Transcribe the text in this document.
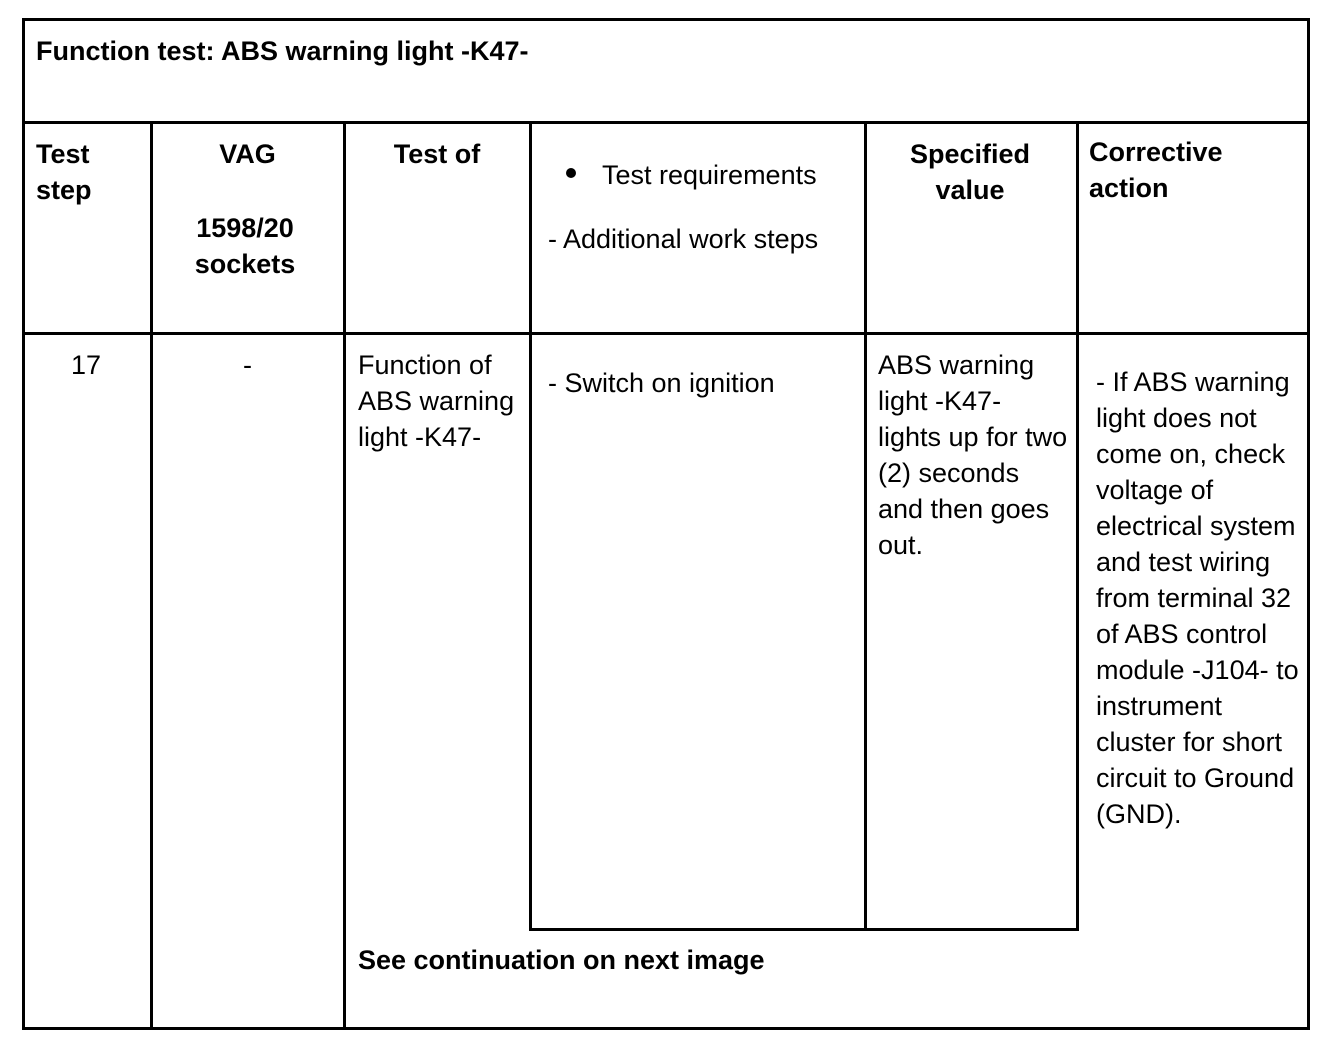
Function test: ABS warning light -K47-
Test step
VAG
1598/20 sockets
Test of
Test requirements
- Additional work steps
Specified value
Corrective action
17	-	Function of ABS warning light -K47-
- Switch on ignition
ABS warning light -K47- lights up for two (2) seconds and then goes out.
- If ABS warning light does not come on, check voltage of electrical system and test wiring from terminal 32 of ABS control module -J104- to instrument cluster for short circuit to Ground (GND).
See continuation on next image
